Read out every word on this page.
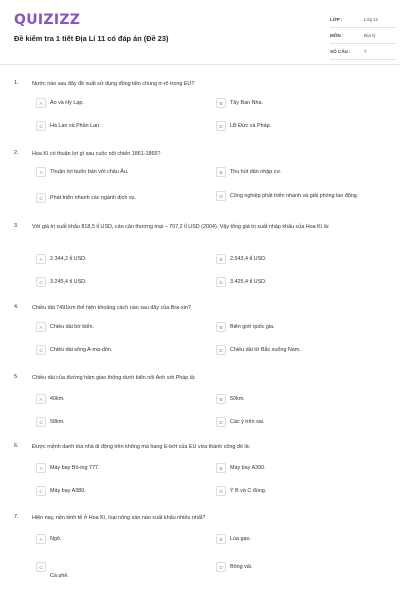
QUIZIZZ
Đề kiểm tra 1 tiết Địa Lí 11 có đáp án (Đề 23)
LỚP :	Lớp 11
MÔN :	Địa lý
SỐ CÂU :	7
1.	Nước nào sau đây đề xuất sử dụng đồng tiền chung ơ-rô trong EU?
A	Áo và Hy Lạp.	B	Tây Ban Nha.
C	Hà Lan và Phần Lan.	D	LB Đức và Pháp.
2.	Hoa Kì có thuận lợi gì sau cuộc nội chiến 1861-1865?
A	Thuận lợi buôn bán với châu Âu.	B	Thu hút dân nhập cư.
C	Phát triển nhanh các ngành dịch vụ.	D	Công nghiệp phát triển nhanh và giải phóng lao động.
3.	Với giá trị xuất khẩu 818,5 tỉ USD, cán cân thương mại – 707,2 tỉ USD (2004). Vậy tổng giá trị xuất nhập khẩu của Hoa Kì là:
A	2.344,2 tỉ USD.	B	2.543,4 tỉ USD.
C	3.245,4 tỉ USD.	D	3.425,4 tỉ USD.
4.	Chiều dài 7491km thể hiện khoảng cách nào sau đây của Bra-xin?
A	Chiều dài bờ biển.	B	Biên giới quốc gia.
C	Chiều dài sông A-ma-dôn.	D	Chiều dài từ Bắc xuống Nam.
5.	Chiều dài của đường hầm giao thông dưới biển nối Anh với Pháp là:
A	40km.	B	50km.
C	58km.	D	Các ý trên sai.
6.	Được mệnh danh tòa nhà di động trên không mà hang E-bớt của EU vừa thành công đó là:
A	Máy bay Bô-ing 777.	B	Máy bay A390.
C	Máy bay A380.	D	Ý B và C đúng.
7.	Hiện nay, nền kinh tế ở Hoa Kì, loại nông sản nào xuất khẩu nhiều nhất?
A	Ngô.	B	Lúa gạo.
C
Cà phê.
D	Bông vải.
